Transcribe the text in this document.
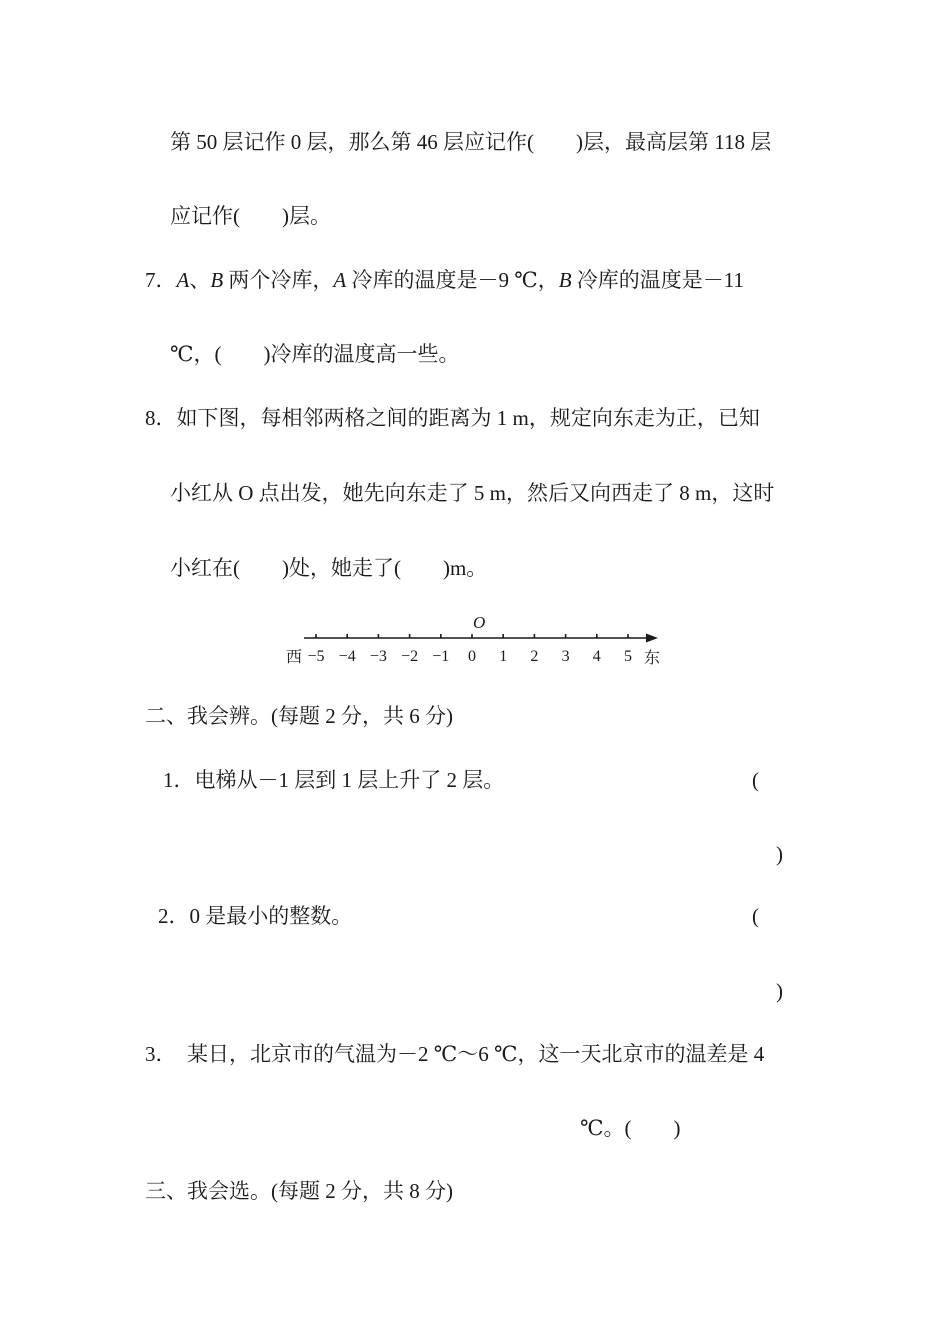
第 50 层记作 0 层，那么第 46 层应记作(        )层，最高层第 118 层
应记作(        )层。
7．A、B 两个冷库，A 冷库的温度是－9 ℃，B 冷库的温度是－11
℃，(        )冷库的温度高一些。
8．如下图，每相邻两格之间的距离为 1 m，规定向东走为正，已知
小红从 O 点出发，她先向东走了 5 m，然后又向西走了 8 m，这时
小红在(        )处，她走了(        )m。
O
−5 −4 −3 −2 −1 0 1 2 3 4 5
西	东
二、我会辨。(每题 2 分，共 6 分)
1．电梯从－1 层到 1 层上升了 2 层。	(
)
2．0 是最小的整数。	(
)
3．  某日，北京市的气温为－2 ℃～6 ℃，这一天北京市的温差是 4
℃。(        )
三、我会选。(每题 2 分，共 8 分)
